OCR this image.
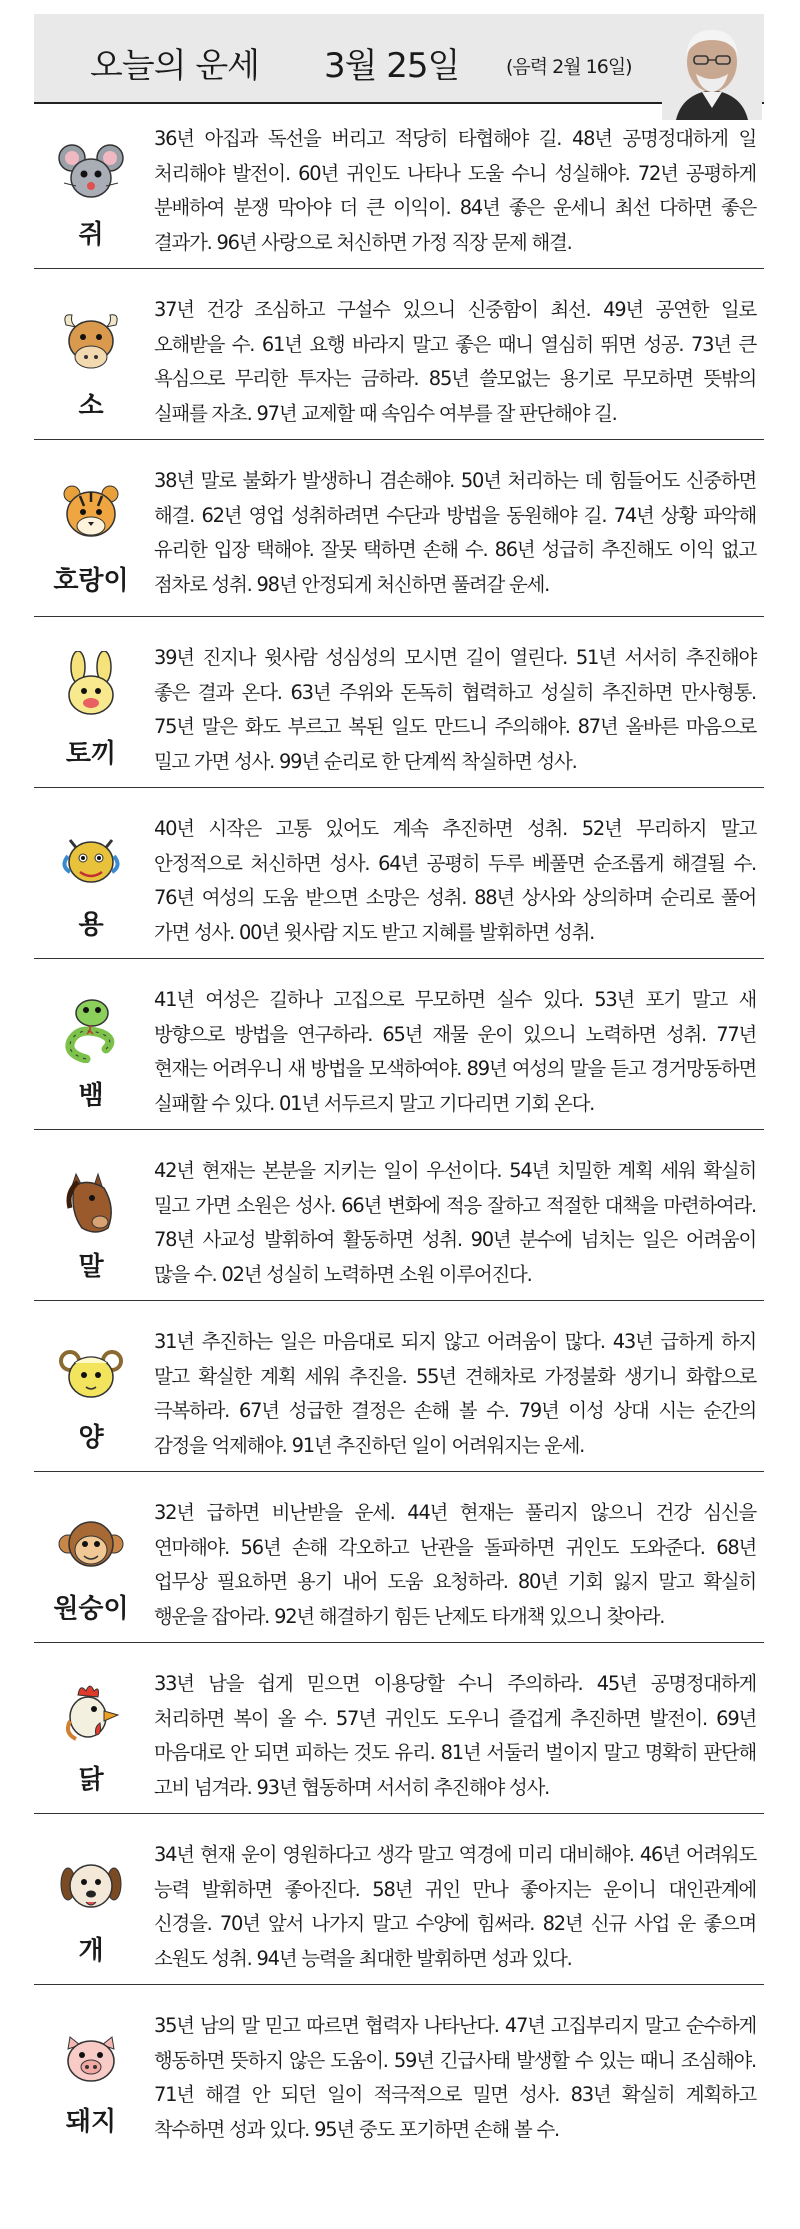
오늘의 운세 3월 25일 (음력 2월 16일)
쥐
36년 아집과 독선을 버리고 적당히 타협해야 길. 48년 공명정대하게 일 처리해야 발전이. 60년 귀인도 나타나 도울 수니 성실해야. 72년 공평하게 분배하여 분쟁 막아야 더 큰 이익이. 84년 좋은 운세니 최선 다하면 좋은 결과가. 96년 사랑으로 처신하면 가정 직장 문제 해결.
소
37년 건강 조심하고 구설수 있으니 신중함이 최선. 49년 공연한 일로 오해받을 수. 61년 요행 바라지 말고 좋은 때니 열심히 뛰면 성공. 73년 큰 욕심으로 무리한 투자는 금하라. 85년 쓸모없는 용기로 무모하면 뜻밖의 실패를 자초. 97년 교제할 때 속임수 여부를 잘 판단해야 길.
호랑이
38년 말로 불화가 발생하니 겸손해야. 50년 처리하는 데 힘들어도 신중하면 해결. 62년 영업 성취하려면 수단과 방법을 동원해야 길. 74년 상황 파악해 유리한 입장 택해야. 잘못 택하면 손해 수. 86년 성급히 추진해도 이익 없고 점차로 성취. 98년 안정되게 처신하면 풀려갈 운세.
토끼
39년 진지나 윗사람 성심성의 모시면 길이 열린다. 51년 서서히 추진해야 좋은 결과 온다. 63년 주위와 돈독히 협력하고 성실히 추진하면 만사형통. 75년 말은 화도 부르고 복된 일도 만드니 주의해야. 87년 올바른 마음으로 밀고 가면 성사. 99년 순리로 한 단계씩 착실하면 성사.
용
40년 시작은 고통 있어도 계속 추진하면 성취. 52년 무리하지 말고 안정적으로 처신하면 성사. 64년 공평히 두루 베풀면 순조롭게 해결될 수. 76년 여성의 도움 받으면 소망은 성취. 88년 상사와 상의하며 순리로 풀어 가면 성사. 00년 윗사람 지도 받고 지혜를 발휘하면 성취.
뱀
41년 여성은 길하나 고집으로 무모하면 실수 있다. 53년 포기 말고 새 방향으로 방법을 연구하라. 65년 재물 운이 있으니 노력하면 성취. 77년 현재는 어려우니 새 방법을 모색하여야. 89년 여성의 말을 듣고 경거망동하면 실패할 수 있다. 01년 서두르지 말고 기다리면 기회 온다.
말
42년 현재는 본분을 지키는 일이 우선이다. 54년 치밀한 계획 세워 확실히 밀고 가면 소원은 성사. 66년 변화에 적응 잘하고 적절한 대책을 마련하여라. 78년 사교성 발휘하여 활동하면 성취. 90년 분수에 넘치는 일은 어려움이 많을 수. 02년 성실히 노력하면 소원 이루어진다.
양
31년 추진하는 일은 마음대로 되지 않고 어려움이 많다. 43년 급하게 하지 말고 확실한 계획 세워 추진을. 55년 견해차로 가정불화 생기니 화합으로 극복하라. 67년 성급한 결정은 손해 볼 수. 79년 이성 상대 시는 순간의 감정을 억제해야. 91년 추진하던 일이 어려워지는 운세.
원숭이
32년 급하면 비난받을 운세. 44년 현재는 풀리지 않으니 건강 심신을 연마해야. 56년 손해 각오하고 난관을 돌파하면 귀인도 도와준다. 68년 업무상 필요하면 용기 내어 도움 요청하라. 80년 기회 잃지 말고 확실히 행운을 잡아라. 92년 해결하기 힘든 난제도 타개책 있으니 찾아라.
닭
33년 남을 쉽게 믿으면 이용당할 수니 주의하라. 45년 공명정대하게 처리하면 복이 올 수. 57년 귀인도 도우니 즐겁게 추진하면 발전이. 69년 마음대로 안 되면 피하는 것도 유리. 81년 서둘러 벌이지 말고 명확히 판단해 고비 넘겨라. 93년 협동하며 서서히 추진해야 성사.
개
34년 현재 운이 영원하다고 생각 말고 역경에 미리 대비해야. 46년 어려워도 능력 발휘하면 좋아진다. 58년 귀인 만나 좋아지는 운이니 대인관계에 신경을. 70년 앞서 나가지 말고 수양에 힘써라. 82년 신규 사업 운 좋으며 소원도 성취. 94년 능력을 최대한 발휘하면 성과 있다.
돼지
35년 남의 말 믿고 따르면 협력자 나타난다. 47년 고집부리지 말고 순수하게 행동하면 뜻하지 않은 도움이. 59년 긴급사태 발생할 수 있는 때니 조심해야. 71년 해결 안 되던 일이 적극적으로 밀면 성사. 83년 확실히 계획하고 착수하면 성과 있다. 95년 중도 포기하면 손해 볼 수.
